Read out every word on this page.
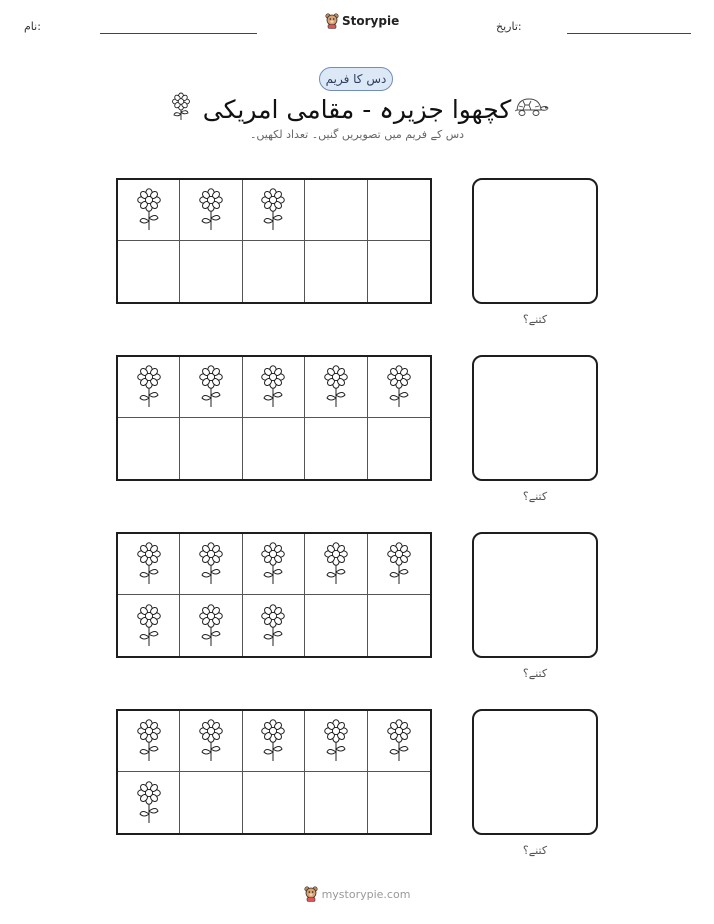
نام:	Storypie	تاریخ:
دس کا فریم
کچھوا جزیرہ - مقامی امریکی
دس کے فریم میں تصویریں گنیں۔ تعداد لکھیں۔
کتنے؟
کتنے؟
کتنے؟
کتنے؟
mystorypie.com
